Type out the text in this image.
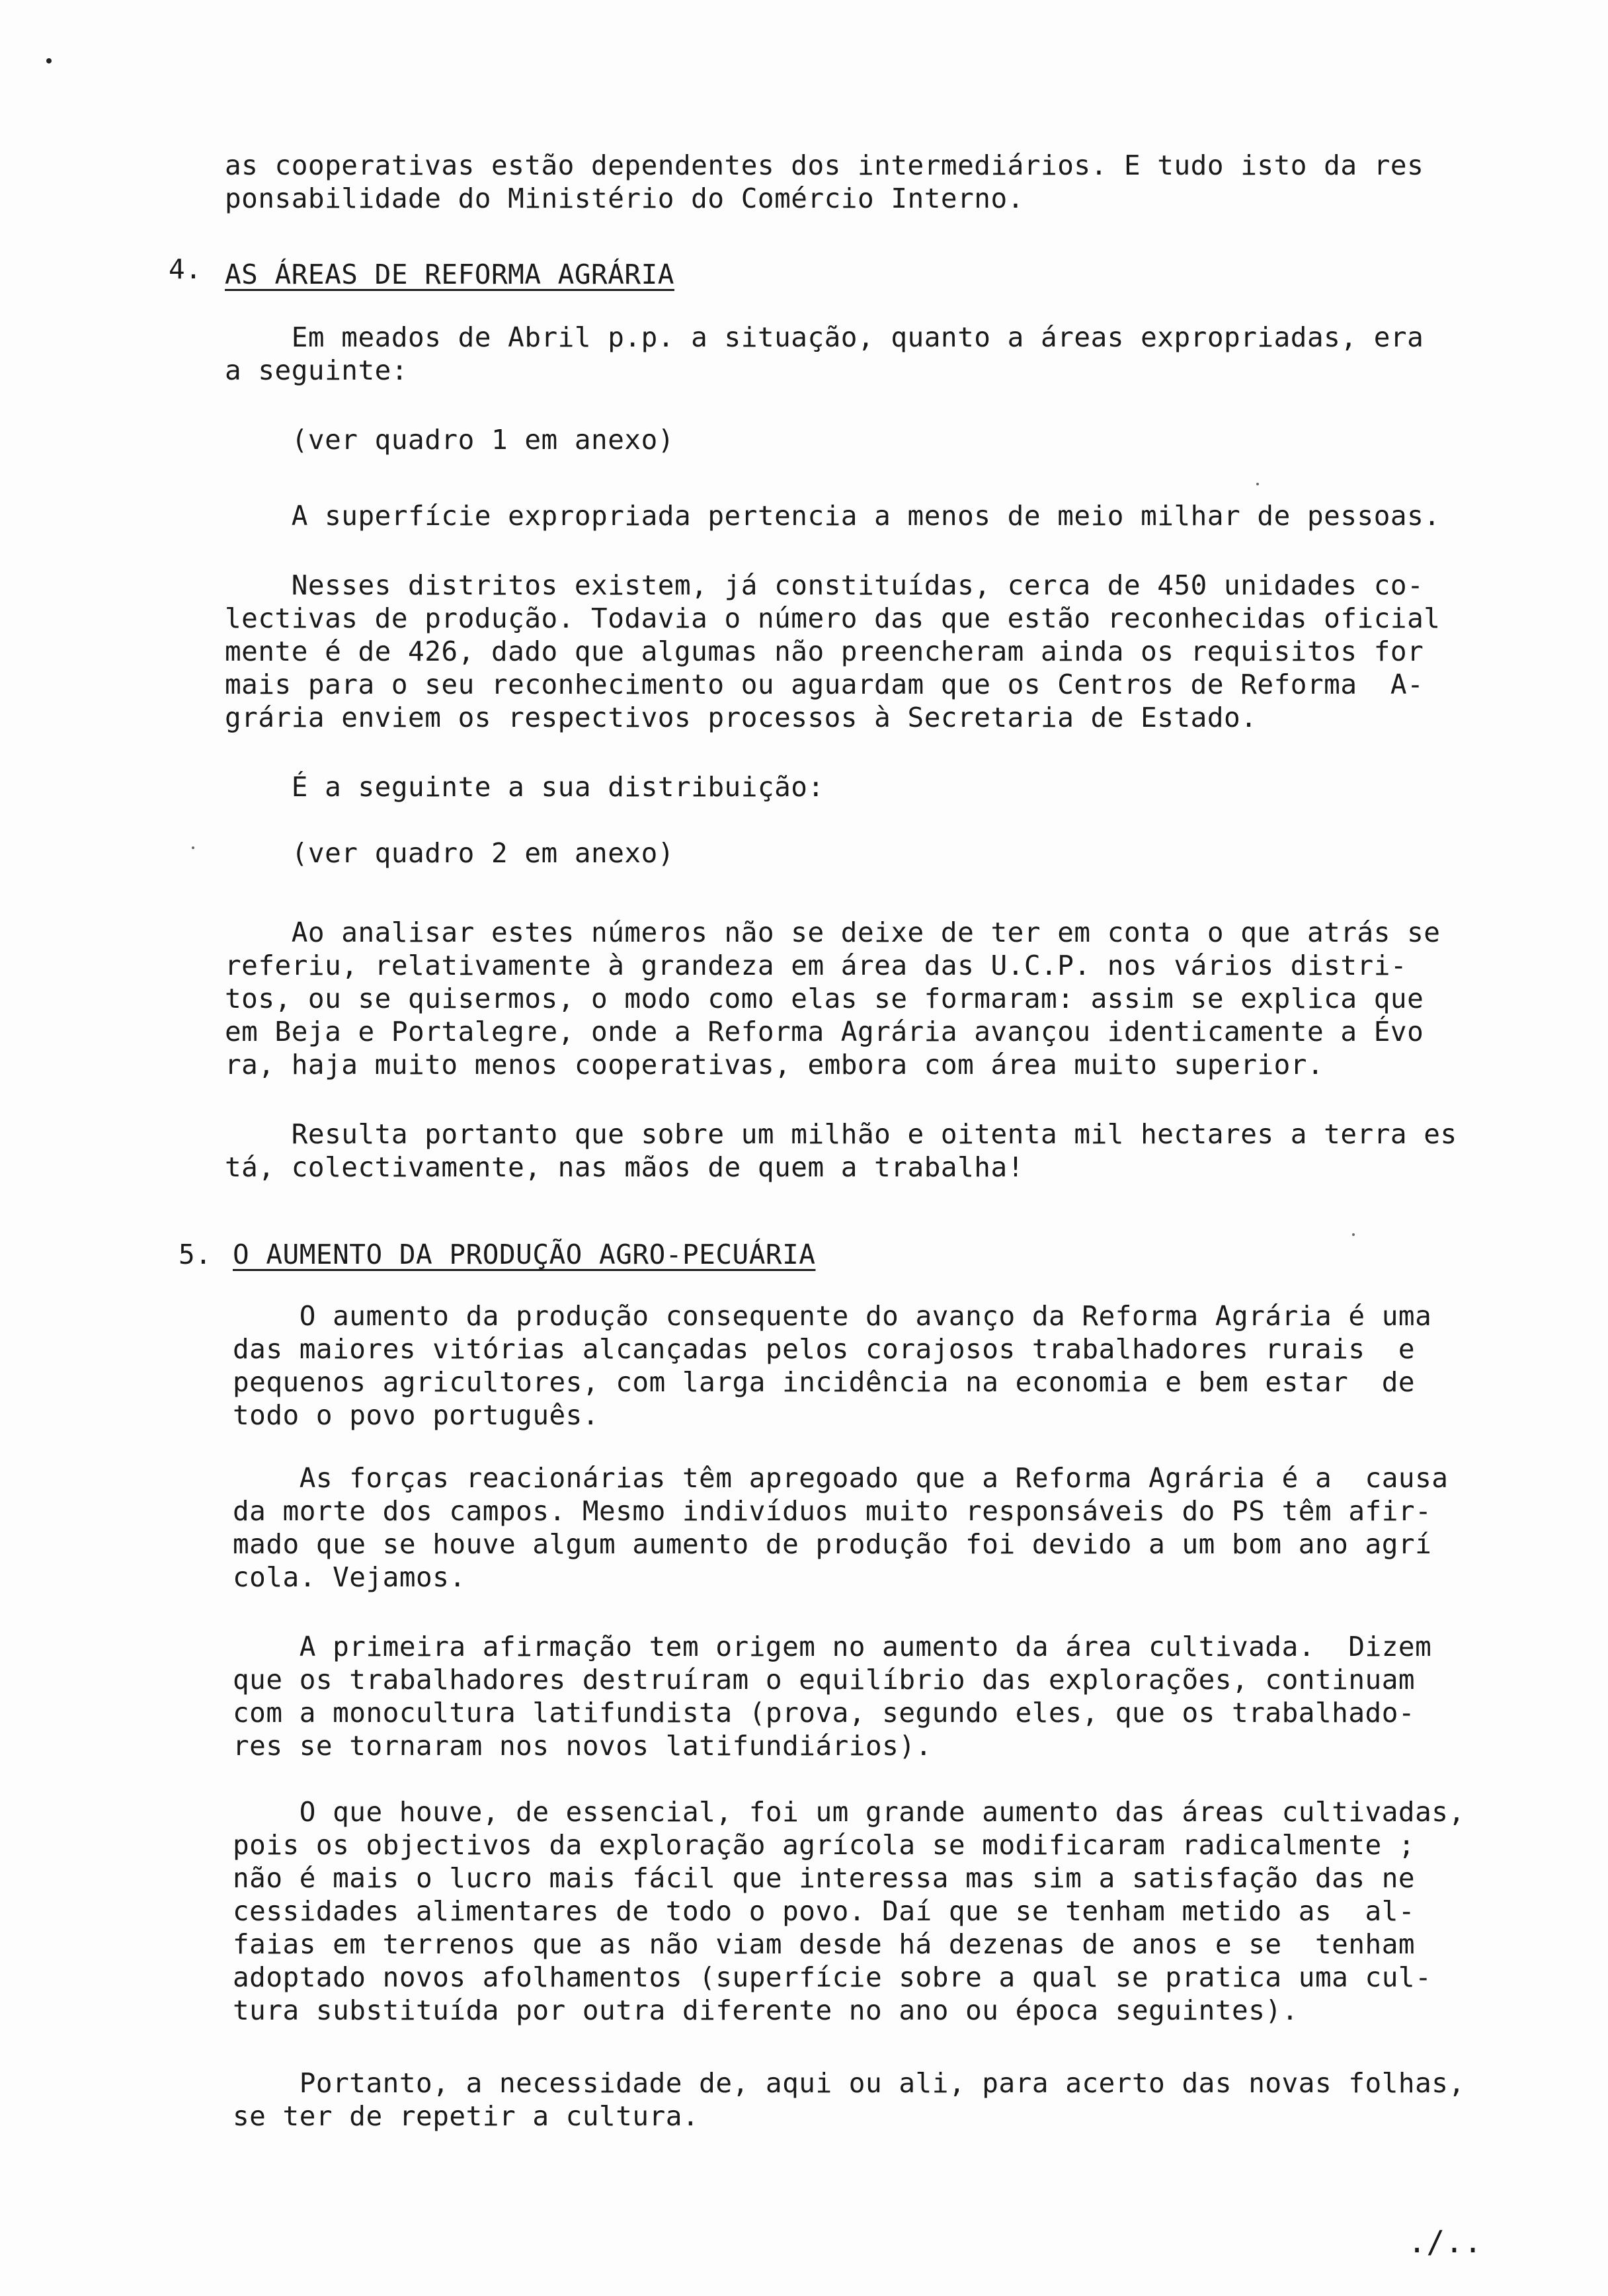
as cooperativas estão dependentes dos intermediários. E tudo isto da res
ponsabilidade do Ministério do Comércio Interno.
4. AS ÁREAS DE REFORMA AGRÁRIA
Em meados de Abril p.p. a situação, quanto a áreas expropriadas, era
a seguinte:
(ver quadro 1 em anexo)
A superfície expropriada pertencia a menos de meio milhar de pessoas.
Nesses distritos existem, já constituídas, cerca de 450 unidades co-
lectivas de produção. Todavia o número das que estão reconhecidas oficial
mente é de 426, dado que algumas não preencheram ainda os requisitos for
mais para o seu reconhecimento ou aguardam que os Centros de Reforma  A-
grária enviem os respectivos processos à Secretaria de Estado.
É a seguinte a sua distribuição:
(ver quadro 2 em anexo)
Ao analisar estes números não se deixe de ter em conta o que atrás se
referiu, relativamente à grandeza em área das U.C.P. nos vários distri-
tos, ou se quisermos, o modo como elas se formaram: assim se explica que
em Beja e Portalegre, onde a Reforma Agrária avançou identicamente a Évo
ra, haja muito menos cooperativas, embora com área muito superior.
Resulta portanto que sobre um milhão e oitenta mil hectares a terra es
tá, colectivamente, nas mãos de quem a trabalha!
5. O AUMENTO DA PRODUÇÃO AGRO-PECUÁRIA
O aumento da produção consequente do avanço da Reforma Agrária é uma
das maiores vitórias alcançadas pelos corajosos trabalhadores rurais  e
pequenos agricultores, com larga incidência na economia e bem estar  de
todo o povo português.
As forças reacionárias têm apregoado que a Reforma Agrária é a  causa
da morte dos campos. Mesmo indivíduos muito responsáveis do PS têm afir-
mado que se houve algum aumento de produção foi devido a um bom ano agrí
cola. Vejamos.
A primeira afirmação tem origem no aumento da área cultivada.  Dizem
que os trabalhadores destruíram o equilíbrio das explorações, continuam
com a monocultura latifundista (prova, segundo eles, que os trabalhado-
res se tornaram nos novos latifundiários).
O que houve, de essencial, foi um grande aumento das áreas cultivadas,
pois os objectivos da exploração agrícola se modificaram radicalmente ;
não é mais o lucro mais fácil que interessa mas sim a satisfação das ne
cessidades alimentares de todo o povo. Daí que se tenham metido as  al-
faias em terrenos que as não viam desde há dezenas de anos e se  tenham
adoptado novos afolhamentos (superfície sobre a qual se pratica uma cul-
tura substituída por outra diferente no ano ou época seguintes).
Portanto, a necessidade de, aqui ou ali, para acerto das novas folhas,
se ter de repetir a cultura.
./..
